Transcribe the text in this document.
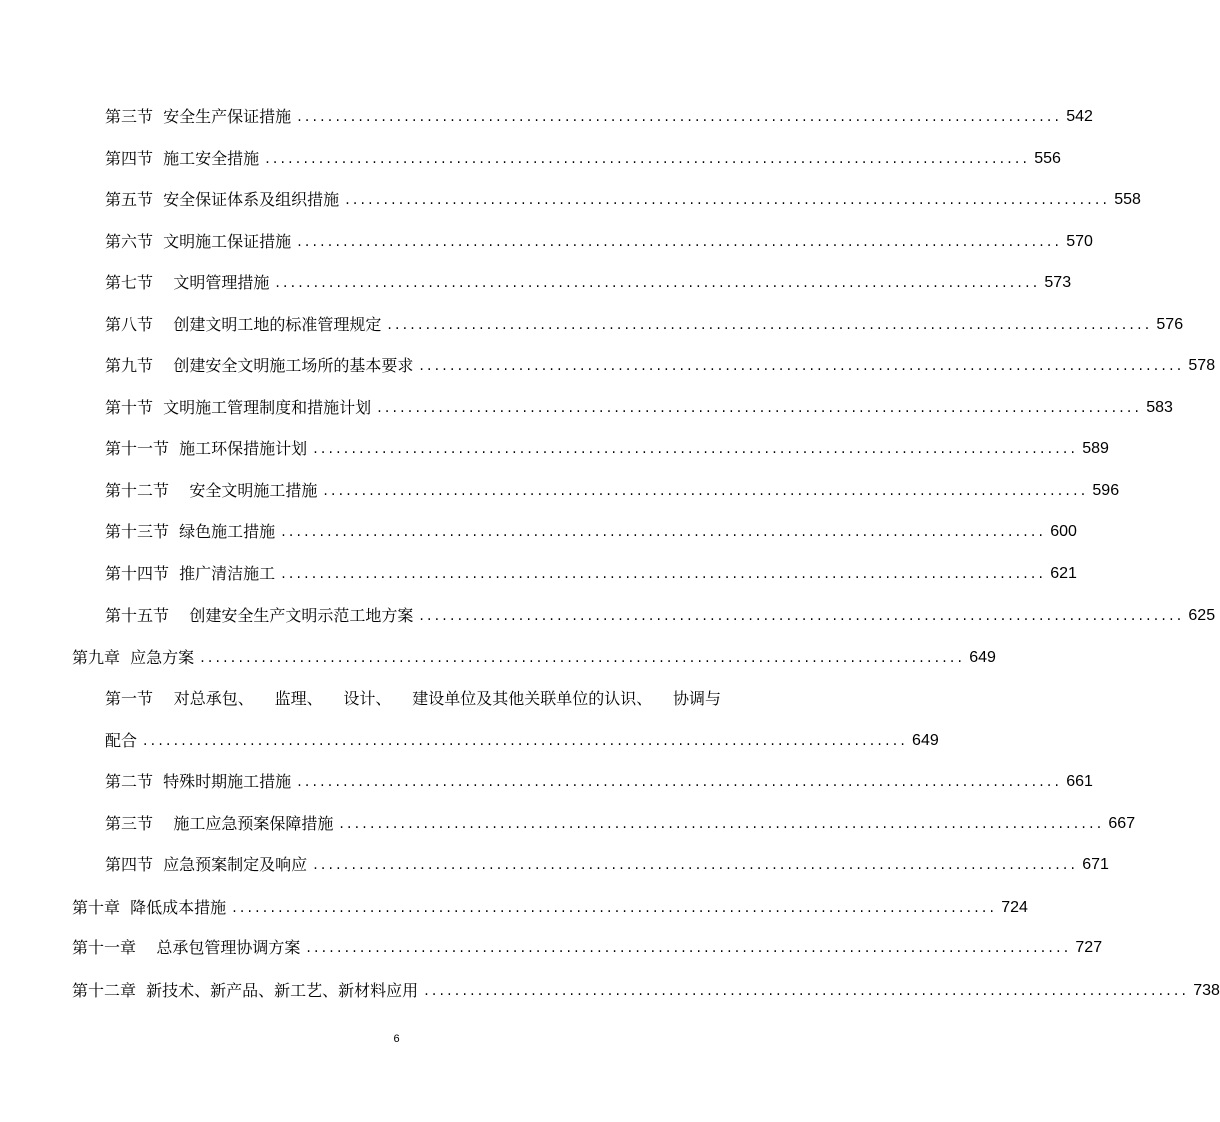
第三节  安全生产保证措施 .................................................................................................... 542
第四节  施工安全措施 .................................................................................................... 556
第五节  安全保证体系及组织措施 .................................................................................................... 558
第六节  文明施工保证措施 .................................................................................................... 570
第七节    文明管理措施 .................................................................................................... 573
第八节    创建文明工地的标准管理规定 .................................................................................................... 576
第九节    创建安全文明施工场所的基本要求 .................................................................................................... 578
第十节  文明施工管理制度和措施计划 .................................................................................................... 583
第十一节  施工环保措施计划 .................................................................................................... 589
第十二节    安全文明施工措施 .................................................................................................... 596
第十三节  绿色施工措施 .................................................................................................... 600
第十四节  推广清洁施工 .................................................................................................... 621
第十五节    创建安全生产文明示范工地方案 .................................................................................................... 625
第九章  应急方案 .................................................................................................... 649
第一节 对总承包、 监理、 设计、 建设单位及其他关联单位的认识、 协调与
配合 .................................................................................................... 649
第二节  特殊时期施工措施 .................................................................................................... 661
第三节    施工应急预案保障措施 .................................................................................................... 667
第四节  应急预案制定及响应 .................................................................................................... 671
第十章  降低成本措施 .................................................................................................... 724
第十一章    总承包管理协调方案 .................................................................................................... 727
第十二章  新技术、新产品、新工艺、新材料应用 .................................................................................................... 738
6
